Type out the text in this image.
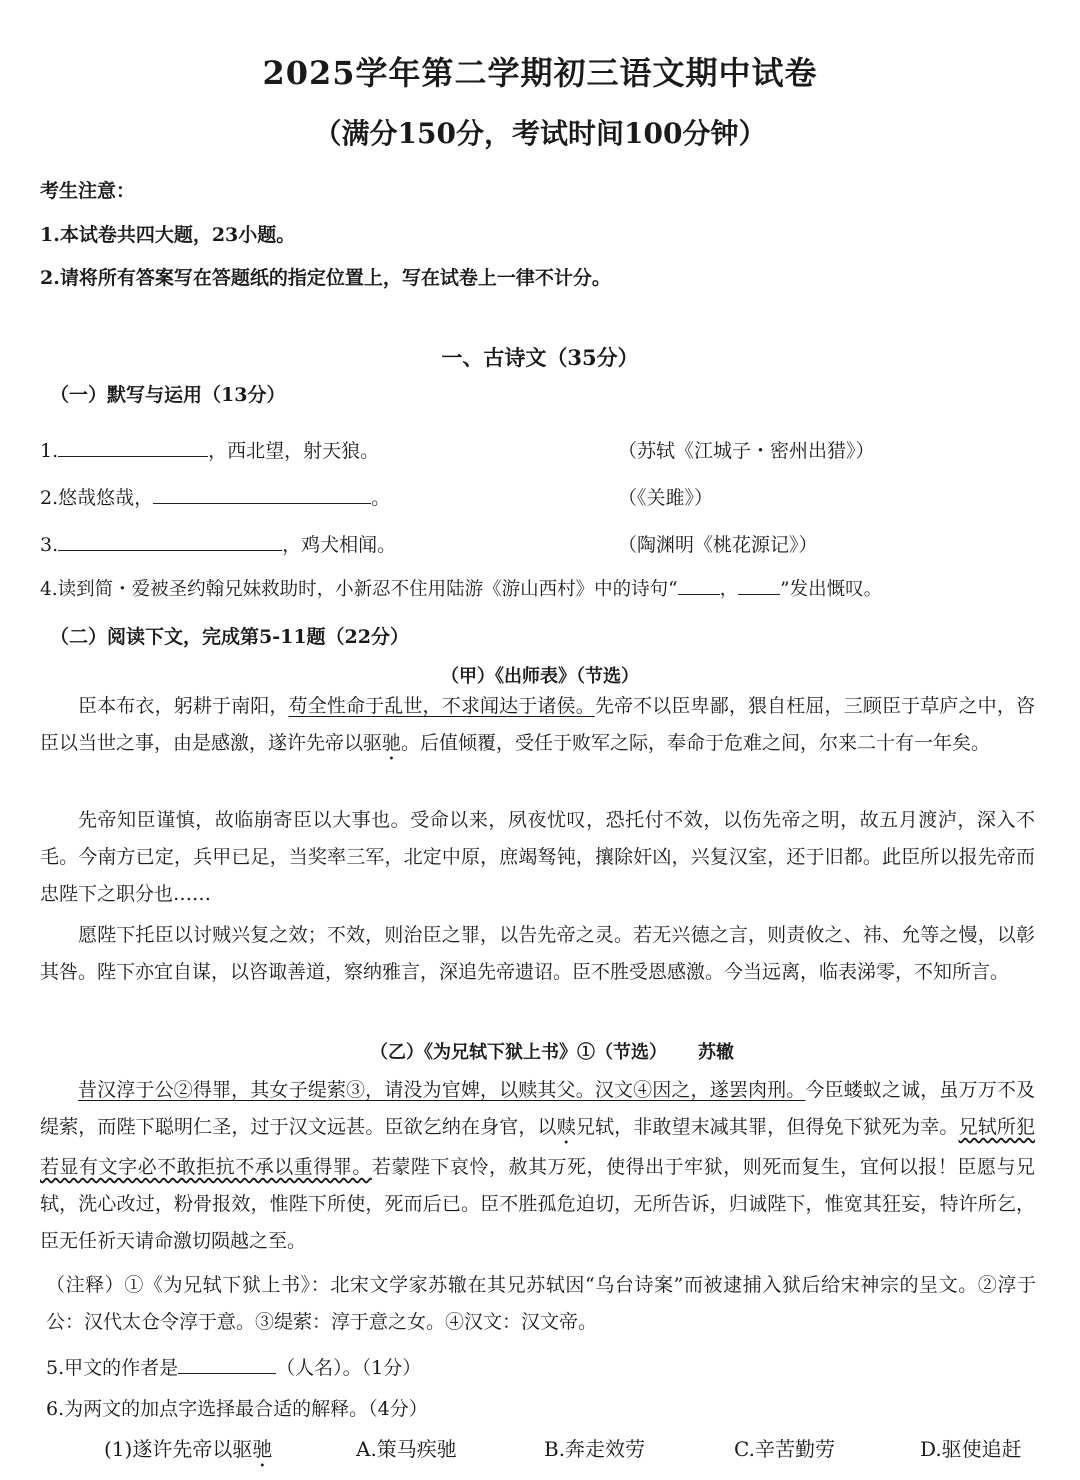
2025学年第二学期初三语文期中试卷
（满分150分，考试时间100分钟）
考生注意：
1.本试卷共四大题，23小题。
2.请将所有答案写在答题纸的指定位置上，写在试卷上一律不计分。
一、古诗文（35分）
（一）默写与运用（13分）
1.	，西北望，射天狼。	（苏轼《江城子・密州出猎》）
2.悠哉悠哉，	。	（《关雎》）
3.	，鸡犬相闻。	（陶渊明《桃花源记》）
4.读到简・爱被圣约翰兄妹救助时，小新忍不住用陆游《游山西村》中的诗句“ ， ”发出慨叹。
（二）阅读下文，完成第5-11题（22分）
（甲）《出师表》（节选）
臣本布衣，躬耕于南阳，苟全性命于乱世，不求闻达于诸侯。先帝不以臣卑鄙，猥自枉屈，三顾臣于草庐之中，咨臣以当世之事，由是感激，遂许先帝以驱驰。后值倾覆，受任于败军之际，奉命于危难之间，尔来二十有一年矣。
先帝知臣谨慎，故临崩寄臣以大事也。受命以来，夙夜忧叹，恐托付不效，以伤先帝之明，故五月渡泸，深入不毛。今南方已定，兵甲已足，当奖率三军，北定中原，庶竭驽钝，攘除奸凶，兴复汉室，还于旧都。此臣所以报先帝而忠陛下之职分也……
愿陛下托臣以讨贼兴复之效；不效，则治臣之罪，以告先帝之灵。若无兴德之言，则责攸之、祎、允等之慢，以彰其咎。陛下亦宜自谋，以咨诹善道，察纳雅言，深追先帝遗诏。臣不胜受恩感激。今当远离，临表涕零，不知所言。
（乙）《为兄轼下狱上书》①（节选） 苏辙
昔汉淳于公②得罪，其女子缇萦③，请没为官婢，以赎其父。汉文④因之，遂罢肉刑。今臣蝼蚁之诚，虽万万不及缇萦，而陛下聪明仁圣，过于汉文远甚。臣欲乞纳在身官，以赎兄轼，非敢望末减其罪，但得免下狱死为幸。兄轼所犯若显有文字必不敢拒抗不承以重得罪。若蒙陛下哀怜，赦其万死，使得出于牢狱，则死而复生，宜何以报！臣愿与兄轼，洗心改过，粉骨报效，惟陛下所使，死而后已。臣不胜孤危迫切，无所告诉，归诚陛下，惟宽其狂妄，特许所乞，臣无任祈天请命激切陨越之至。
（注释）①《为兄轼下狱上书》：北宋文学家苏辙在其兄苏轼因“乌台诗案”而被逮捕入狱后给宋神宗的呈文。②淳于公：汉代太仓令淳于意。③缇萦：淳于意之女。④汉文：汉文帝。
5.甲文的作者是	（人名）。（1分）
6.为两文的加点字选择最合适的解释。（4分）
(1)遂许先帝以驱驰	A.策马疾驰	B.奔走效劳	C.辛苦勤劳	D.驱使追赶
